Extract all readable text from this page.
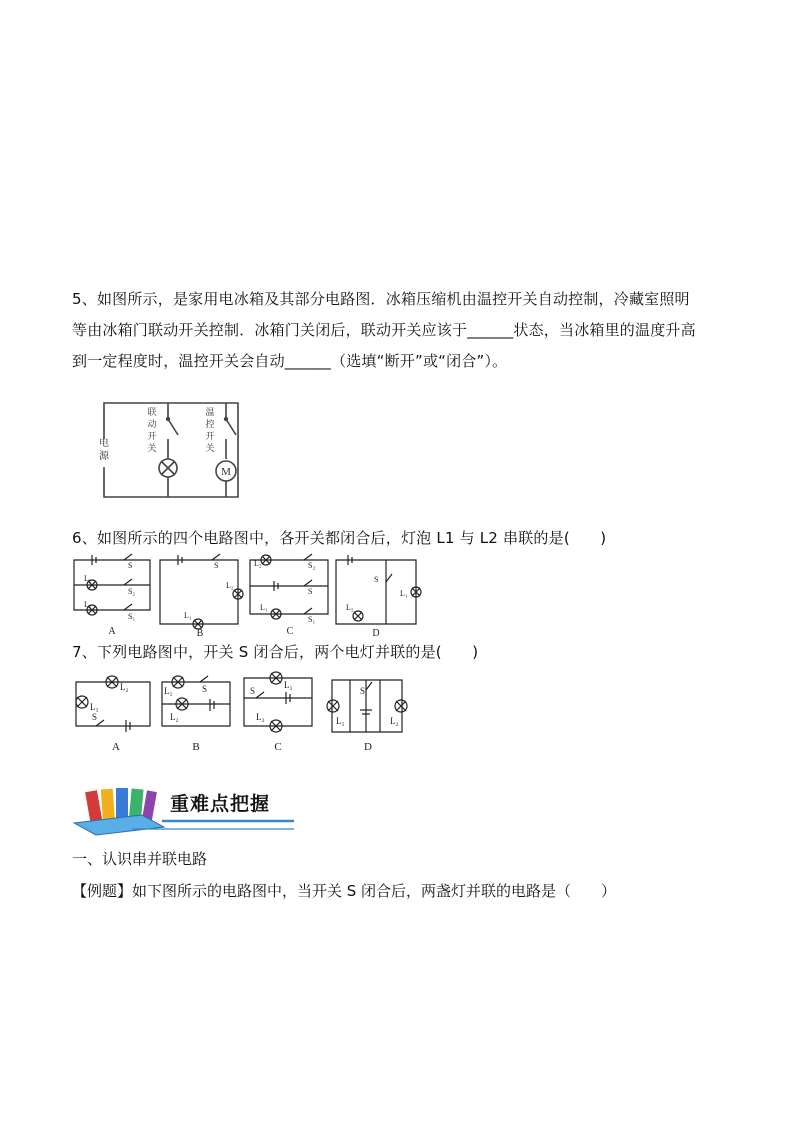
5、如图所示，是家用电冰箱及其部分电路图．冰箱压缩机由温控开关自动控制，冷藏室照明
等由冰箱门联动开关控制．冰箱门关闭后，联动开关应该于______状态，当冰箱里的温度升高
到一定程度时，温控开关会自动______（选填“断开”或“闭合”）。
电
源
联
动
开
关
温
控
开
关
M
6、如图所示的四个电路图中，各开关都闭合后，灯泡 L1 与 L2 串联的是(　　)
S
L₂
S₂
L₁
S₁
S
L₂
L₁
L₂	S₂
S
L₁
S₁
S
L₁
L₂
A	B	C	D
7、下列电路图中，开关 S 闭合后，两个电灯并联的是(　　)
L₂
L₁
S
L₁	S
L₂
L₁
S
L₂
S
L₁	L₂
A	B	C	D
重难点把握
一、认识串并联电路
【例题】如下图所示的电路图中，当开关 S 闭合后，两盏灯并联的电路是（　　）
